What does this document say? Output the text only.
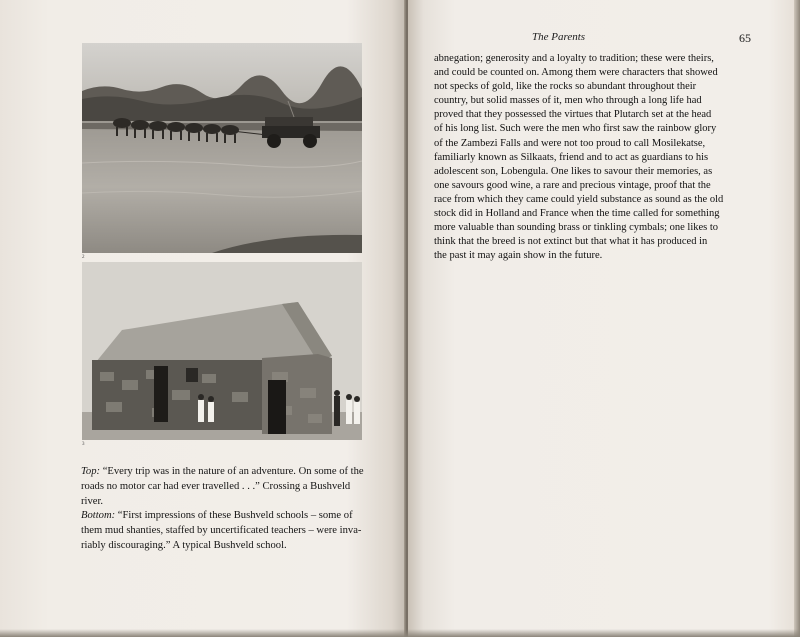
2
3

Top: “Every trip was in the nature of an adventure. On some of the
roads no motor car had ever travelled . . .” Crossing a Bushveld
river.

Bottom: “First impressions of these Bushveld schools – some of
them mud shanties, staffed by uncertificated teachers – were inva-
riably discouraging.” A typical Bushveld school.

The Parents	65
abnegation; generosity and a loyalty to tradition; these were theirs,
and could be counted on. Among them were characters that showed
not specks of gold, like the rocks so abundant throughout their
country, but solid masses of it, men who through a long life had
proved that they possessed the virtues that Plutarch set at the head
of his long list. Such were the men who first saw the rainbow glory
of the Zambezi Falls and were not too proud to call Mosilekatse,
familiarly known as Silkaats, friend and to act as guardians to his
adolescent son, Lobengula. One likes to savour their memories, as
one savours good wine, a rare and precious vintage, proof that the
race from which they came could yield substance as sound as the old
stock did in Holland and France when the time called for something
more valuable than sounding brass or tinkling cymbals; one likes to
think that the breed is not extinct but that what it has produced in
the past it may again show in the future.
